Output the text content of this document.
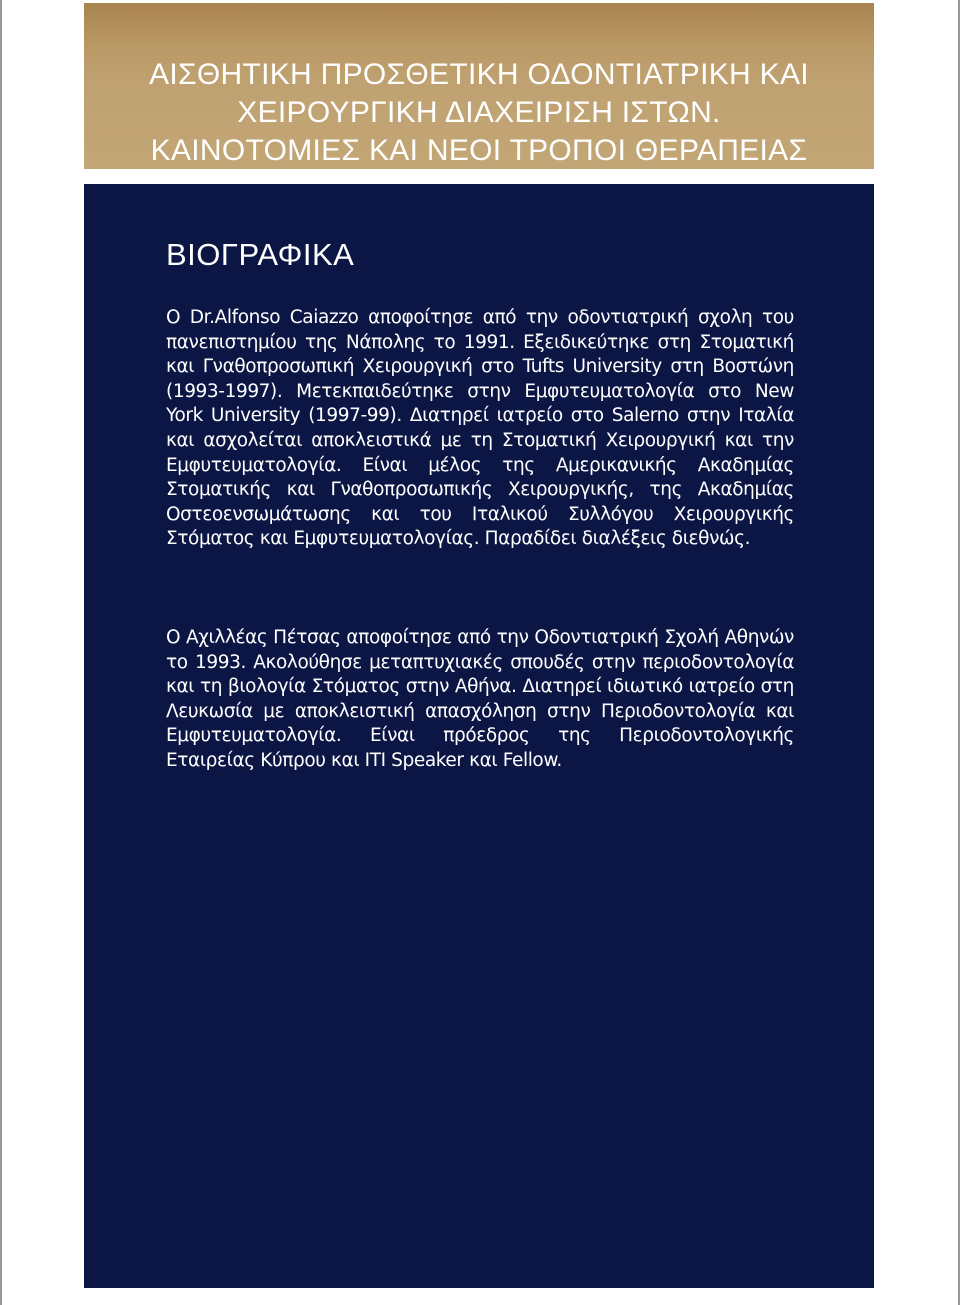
ΑΙΣΘΗΤΙΚΗ ΠΡΟΣΘΕΤΙΚΗ ΟΔΟΝΤΙΑΤΡΙΚΗ ΚΑΙ
ΧΕΙΡΟΥΡΓΙΚΗ ΔΙΑΧΕΙΡΙΣΗ ΙΣΤΩΝ.
ΚΑΙΝΟΤΟΜΙΕΣ ΚΑΙ ΝΕΟΙ ΤΡΟΠΟΙ ΘΕΡΑΠΕΙΑΣ
ΒΙΟΓΡΑΦΙΚΑ

Ο Dr.Alfonso Caiazzo αποφοίτησε από την οδοντιατρική σχολη του πανεπιστημίου της Νάπολης το 1991. Εξειδικεύτηκε στη Στοματική και Γναθοπροσωπική Χειρουργική στο Tufts University στη Βοστώνη (1993-1997). Μετεκπαιδεύτηκε στην Εμφυτευματολογία στο New York University (1997-99). Διατηρεί ιατρείο στο Salerno στην Ιταλία και ασχολείται αποκλειστικά με τη Στοματική Χειρουργική και την Εμφυτευματολογία. Είναι μέλος της Αμερικανικής Ακαδημίας Στοματικής και Γναθοπροσωπικής Χειρουργικής, της Ακαδημίας Οστεοενσωμάτωσης και του Ιταλικού Συλλόγου Χειρουργικής Στόματος και Εμφυτευματολογίας. Παραδίδει διαλέξεις διεθνώς.

Ο Αχιλλέας Πέτσας αποφοίτησε από την Οδοντιατρική Σχολή Αθηνών το 1993. Ακολούθησε μεταπτυχιακές σπουδές στην περιοδοντολογία και τη βιολογία Στόματος στην Αθήνα. Διατηρεί ιδιωτικό ιατρείο στη Λευκωσία με αποκλειστική απασχόληση στην Περιοδοντολογία και Εμφυτευματολογία. Είναι πρόεδρος της Περιοδοντολογικής Εταιρείας Κύπρου και ITI Speaker και Fellow.
